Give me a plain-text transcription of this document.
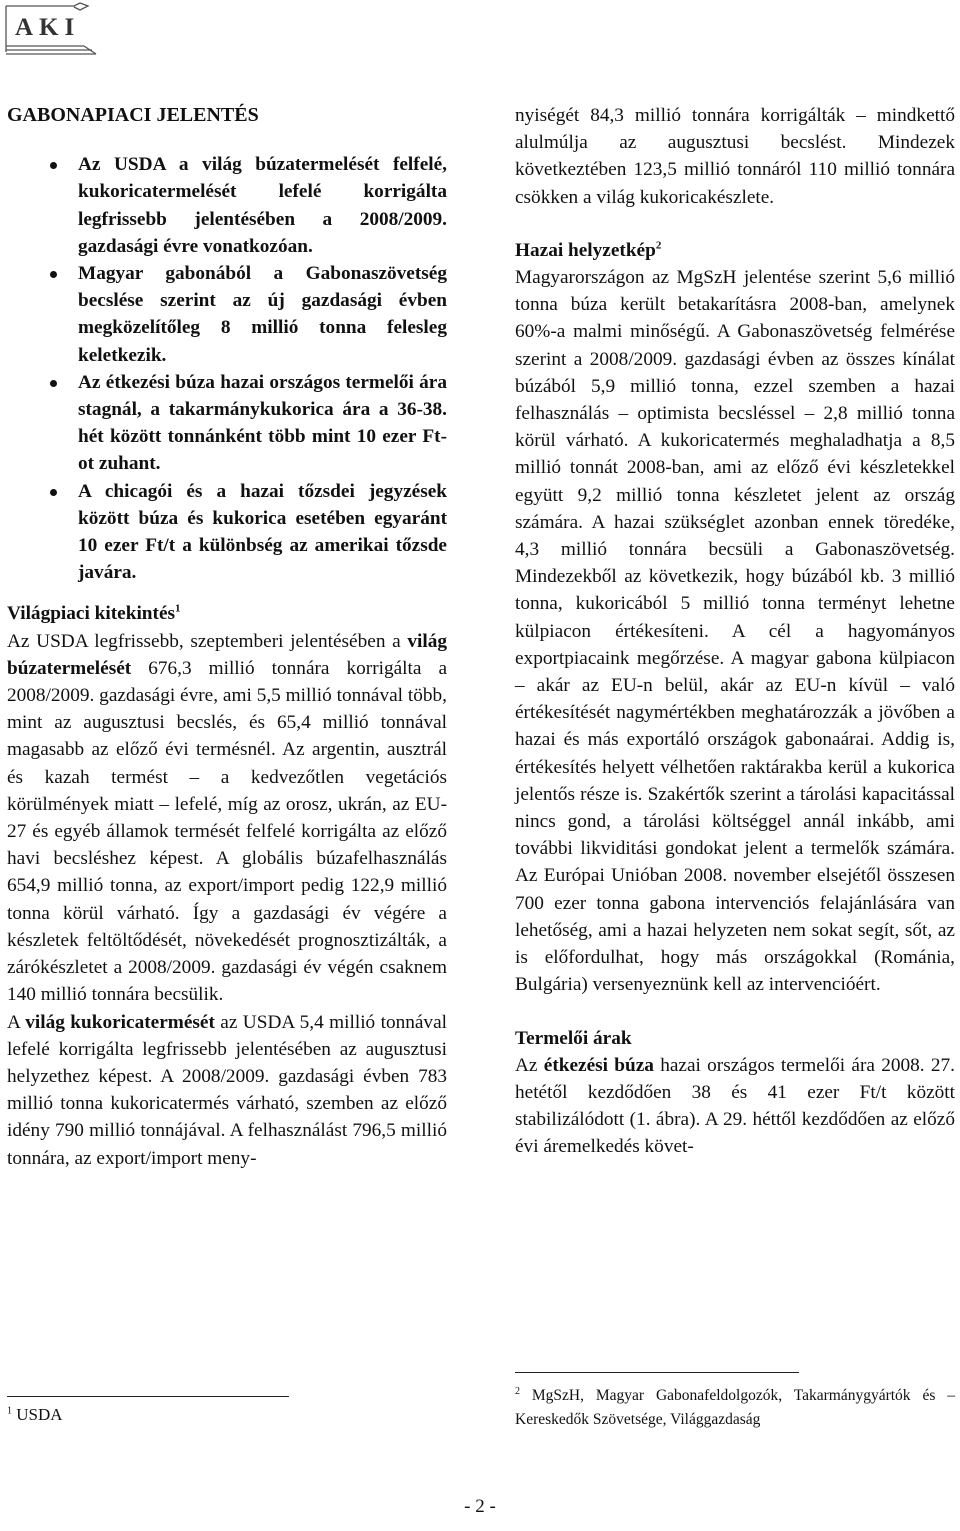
AKI

GABONAPIACI JELENTÉS

Az USDA a világ búzatermelését felfelé, kukoricatermelését lefelé korrigálta legfrissebb jelentésében a 2008/2009. gazdasági évre vonatkozóan.
Magyar gabonából a Gabonaszövetség becslése szerint az új gazdasági évben megközelítőleg 8 millió tonna felesleg keletkezik.
Az étkezési búza hazai országos termelői ára stagnál, a takarmánykukorica ára a 36-38. hét között tonnánként több mint 10 ezer Ft-ot zuhant.
A chicagói és a hazai tőzsdei jegyzések között búza és kukorica esetében egyaránt 10 ezer Ft/t a különbség az amerikai tőzsde javára.
Világpiaci kitekintés$^1$

Az USDA legfrissebb, szeptemberi jelentésében a világ búzatermelését 676,3 millió tonnára korrigálta a 2008/2009. gazdasági évre, ami 5,5 millió tonnával több, mint az augusztusi becslés, és 65,4 millió tonnával magasabb az előző évi termésnél. Az argentin, ausztrál és kazah termést – a kedvezőtlen vegetációs körülmények miatt – lefelé, míg az orosz, ukrán, az EU-27 és egyéb államok termését felfelé korrigálta az előző havi becsléshez képest. A globális búzafelhasználás 654,9 millió tonna, az export/import pedig 122,9 millió tonna körül várható. Így a gazdasági év végére a készletek feltöltődését, növekedését prognosztizálták, a zárókészletet a 2008/2009. gazdasági év végén csaknem 140 millió tonnára becsülik.

A világ kukoricatermését az USDA 5,4 millió tonnával lefelé korrigálta legfrissebb jelentésében az augusztusi helyzethez képest. A 2008/2009. gazdasági évben 783 millió tonna kukoricatermés várható, szemben az előző idény 790 millió tonnájával. A felhasználást 796,5 millió tonnára, az export/import meny-

$^1$ USDA

nyiségét 84,3 millió tonnára korrigálták – mindkettő alulmúlja az augusztusi becslést. Mindezek következtében 123,5 millió tonnáról 110 millió tonnára csökken a világ kukoricakészlete.

Hazai helyzetkép$^2$

Magyarországon az MgSzH jelentése szerint 5,6 millió tonna búza került betakarításra 2008-ban, amelynek 60%-a malmi minőségű. A Gabonaszövetség felmérése szerint a 2008/2009. gazdasági évben az összes kínálat búzából 5,9 millió tonna, ezzel szemben a hazai felhasználás – optimista becsléssel – 2,8 millió tonna körül várható. A kukoricatermés meghaladhatja a 8,5 millió tonnát 2008-ban, ami az előző évi készletekkel együtt 9,2 millió tonna készletet jelent az ország számára. A hazai szükséglet azonban ennek töredéke, 4,3 millió tonnára becsüli a Gabonaszövetség. Mindezekből az következik, hogy búzából kb. 3 millió tonna, kukoricából 5 millió tonna terményt lehetne külpiacon értékesíteni. A cél a hagyományos exportpiacaink megőrzése. A magyar gabona külpiacon – akár az EU-n belül, akár az EU-n kívül – való értékesítését nagymértékben meghatározzák a jövőben a hazai és más exportáló országok gabonaárai. Addig is, értékesítés helyett vélhetően raktárakba kerül a kukorica jelentős része is. Szakértők szerint a tárolási kapacitással nincs gond, a tárolási költséggel annál inkább, ami további likviditási gondokat jelent a termelők számára. Az Európai Unióban 2008. november elsejétől összesen 700 ezer tonna gabona intervenciós felajánlására van lehetőség, ami a hazai helyzeten nem sokat segít, sőt, az is előfordulhat, hogy más országokkal (Románia, Bulgária) versenyeznünk kell az intervencióért.

Termelői árak

Az étkezési búza hazai országos termelői ára 2008. 27. hetétől kezdődően 38 és 41 ezer Ft/t között stabilizálódott (1. ábra). A 29. héttől kezdődően az előző évi áremelkedés követ-

$^2$ MgSzH, Magyar Gabonafeldolgozók, Takarmánygyártók és –Kereskedők Szövetsége, Világgazdaság
- 2 -
